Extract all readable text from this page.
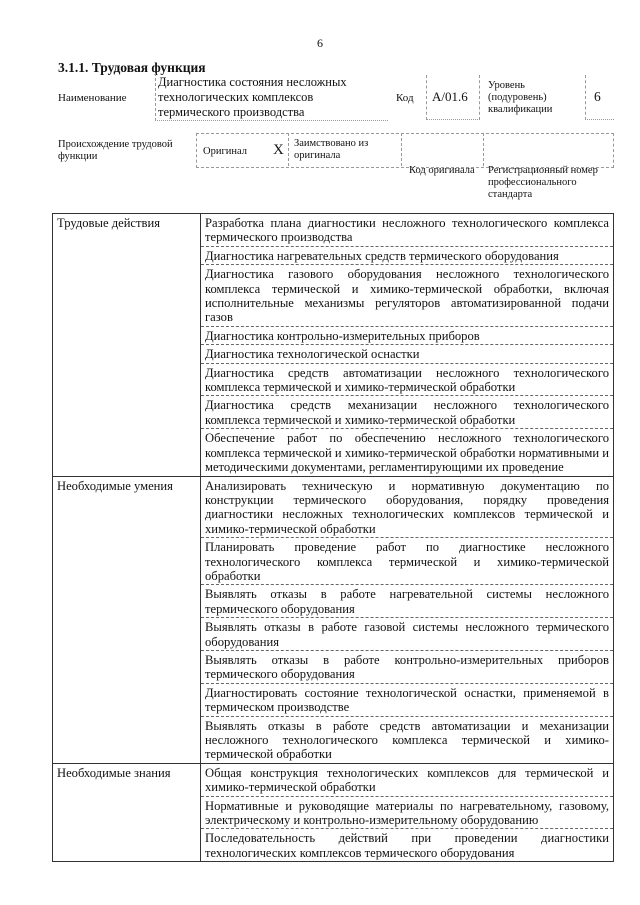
6
3.1.1. Трудовая функция
Наименование
Диагностика состояния несложных технологических комплексов термического производства
Код A/01.6
Уровень (подуровень) квалификации
6
Происхождение трудовой функции	Оригинал X Заимствовано из оригинала
Код оригинала Регистрационный номер профессионального стандарта
Трудовые действия	Разработка плана диагностики несложного технологического комплекса термического производства
	Диагностика нагревательных средств термического оборудования
	Диагностика газового оборудования несложного технологического комплекса термической и химико-термической обработки, включая исполнительные механизмы регуляторов автоматизированной подачи газов
	Диагностика контрольно-измерительных приборов
	Диагностика технологической оснастки
	Диагностика средств автоматизации несложного технологического комплекса термической и химико-термической обработки
	Диагностика средств механизации несложного технологического комплекса термической и химико-термической обработки
	Обеспечение работ по обеспечению несложного технологического комплекса термической и химико-термической обработки нормативными и методическими документами, регламентирующими их проведение
Необходимые умения	Анализировать техническую и нормативную документацию по конструкции термического оборудования, порядку проведения диагностики несложных технологических комплексов термической и химико-термической обработки
	Планировать проведение работ по диагностике несложного технологического комплекса термической и химико-термической обработки
	Выявлять отказы в работе нагревательной системы несложного термического оборудования
	Выявлять отказы в работе газовой системы несложного термического оборудования
	Выявлять отказы в работе контрольно-измерительных приборов термического оборудования
	Диагностировать состояние технологической оснастки, применяемой в термическом производстве
	Выявлять отказы в работе средств автоматизации и механизации несложного технологического комплекса термической и химико-термической обработки
Необходимые знания	Общая конструкция технологических комплексов для термической и химико-термической обработки
	Нормативные и руководящие материалы по нагревательному, газовому, электрическому и контрольно-измерительному оборудованию
	Последовательность действий при проведении диагностики технологических комплексов термического оборудования
